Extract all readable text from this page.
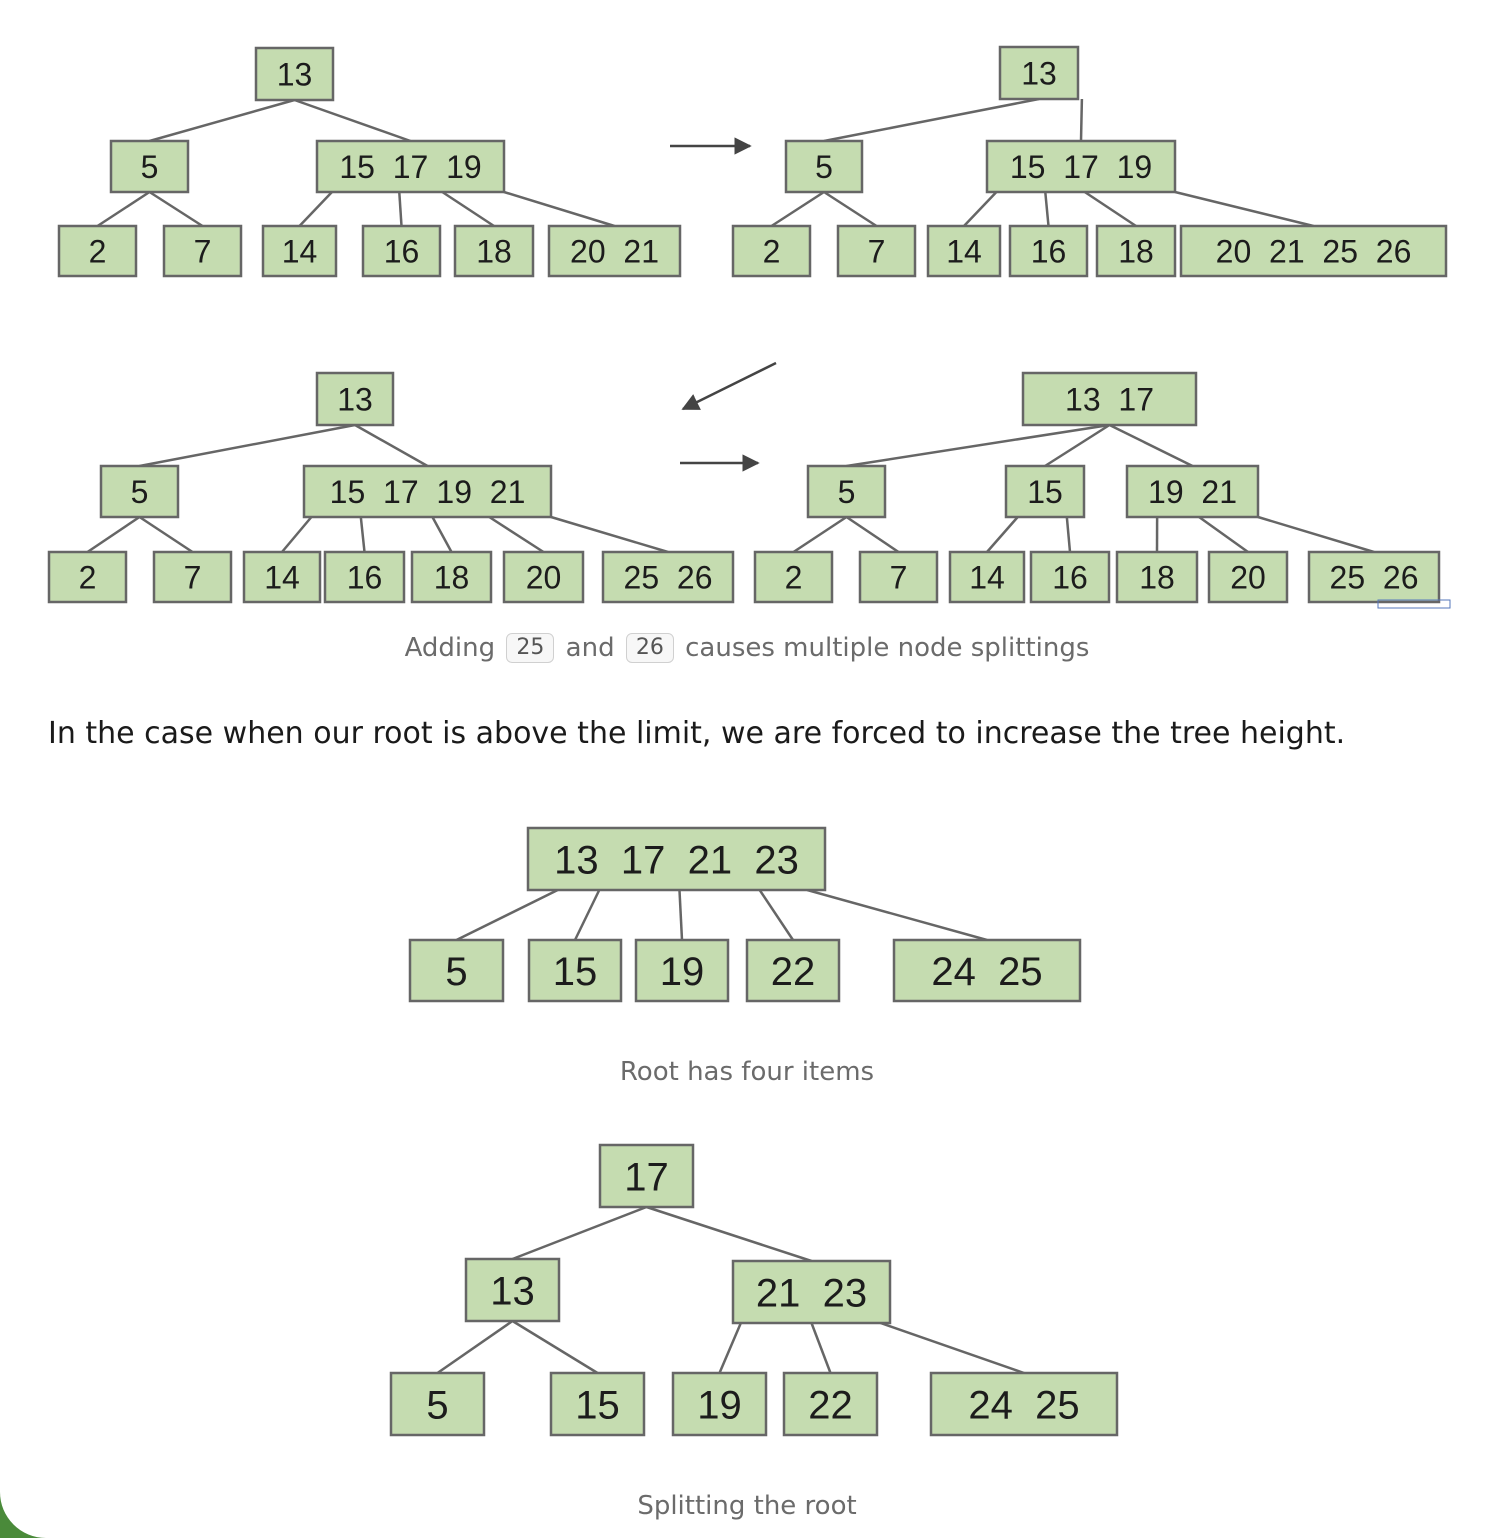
13
5
2	7
15  17  19
14 16 18 20  21
13
5
2	7
15  17  19
14 16 18 20  21  25  26
13
5
2	7
15  17  19  21
14 16 18 20 25  26
13  17
5
2	7
15
14 16
19  21
18 20 25  26
Adding 25 and 26 causes multiple node splittings
In the case when our root is above the limit, we are forced to increase the tree height.
13  17  21  23
5 15 19 22	24  25
Root has four items
17
13
5	15
21  23
19 22	24  25
Splitting the root
